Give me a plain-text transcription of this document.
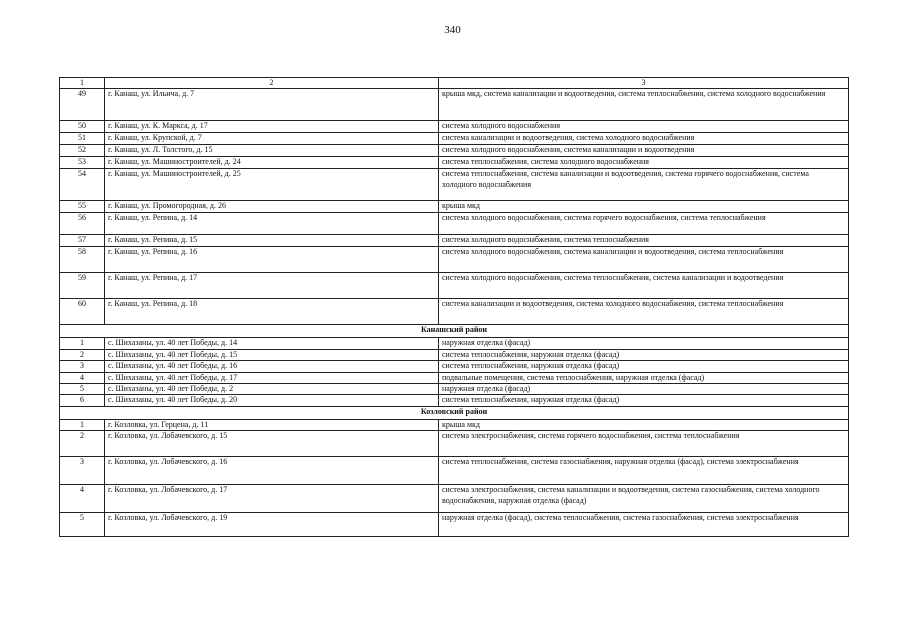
340
1	2	3
49	г. Канаш, ул. Ильича, д. 7	крыша мкд, система канализации и водоотведения, система теплоснабжения, система холодного водоснабжения
50	г. Канаш, ул. К. Маркса, д. 17	система холодного водоснабжения
51	г. Канаш, ул. Крупской, д. 7	система канализации и водоотведения, система холодного водоснабжения
52	г. Канаш, ул. Л. Толстого, д. 15	система холодного водоснабжения, система канализации и водоотведения
53	г. Канаш, ул. Машиностроителей, д. 24	система теплоснабжения, система холодного водоснабжения
54	г. Канаш, ул. Машиностроителей, д. 25	система теплоснабжения, система канализации и водоотведения, система горячего водоснабжения, система холодного водоснабжения
55	г. Канаш, ул. Промогородная, д. 26	крыша мкд
56	г. Канаш, ул. Репина, д. 14	система холодного водоснабжения, система горячего водоснабжения, система теплоснабжения
57	г. Канаш, ул. Репина, д. 15	система холодного водоснабжения, система теплоснабжения
58	г. Канаш, ул. Репина, д. 16	система холодного водоснабжения, система канализации и водоотведения, система теплоснабжения
59	г. Канаш, ул. Репина, д. 17	система холодного водоснабжения, система теплоснабжения, система канализации и водоотведения
60	г. Канаш, ул. Репина, д. 18	система канализации и водоотведения, система холодного водоснабжения, система теплоснабжения
Канашский район		
1	с. Шихазаны, ул. 40 лет Победы, д. 14	наружная отделка (фасад)
2	с. Шихазаны, ул. 40 лет Победы, д. 15	система теплоснабжения, наружная отделка (фасад)
3	с. Шихазаны, ул. 40 лет Победы, д. 16	система теплоснабжения, наружная отделка (фасад)
4	с. Шихазаны, ул. 40 лет Победы, д. 17	подвальные помещения, система теплоснабжения, наружная отделка (фасад)
5	с. Шихазаны, ул. 40 лет Победы, д. 2	наружная отделка (фасад)
6	с. Шихазаны, ул. 40 лет Победы, д. 20	система теплоснабжения, наружная отделка (фасад)
Козловский район		
1	г. Козловка, ул. Герцена, д. 11	крыша мкд
2	г. Козловка, ул. Лобачевского, д. 15	система электроснабжения, система горячего водоснабжения, система теплоснабжения
3	г. Козловка, ул. Лобачевского, д. 16	система теплоснабжения, система газоснабжения, наружная отделка (фасад), система электроснабжения
4	г. Козловка, ул. Лобачевского, д. 17	система электроснабжения, система канализации и водоотведения, система газоснабжения, система холодного водоснабжения, наружная отделка (фасад)
5	г. Козловка, ул. Лобачевского, д. 19	наружная отделка (фасад), система теплоснабжения, система газоснабжения, система электроснабжения
